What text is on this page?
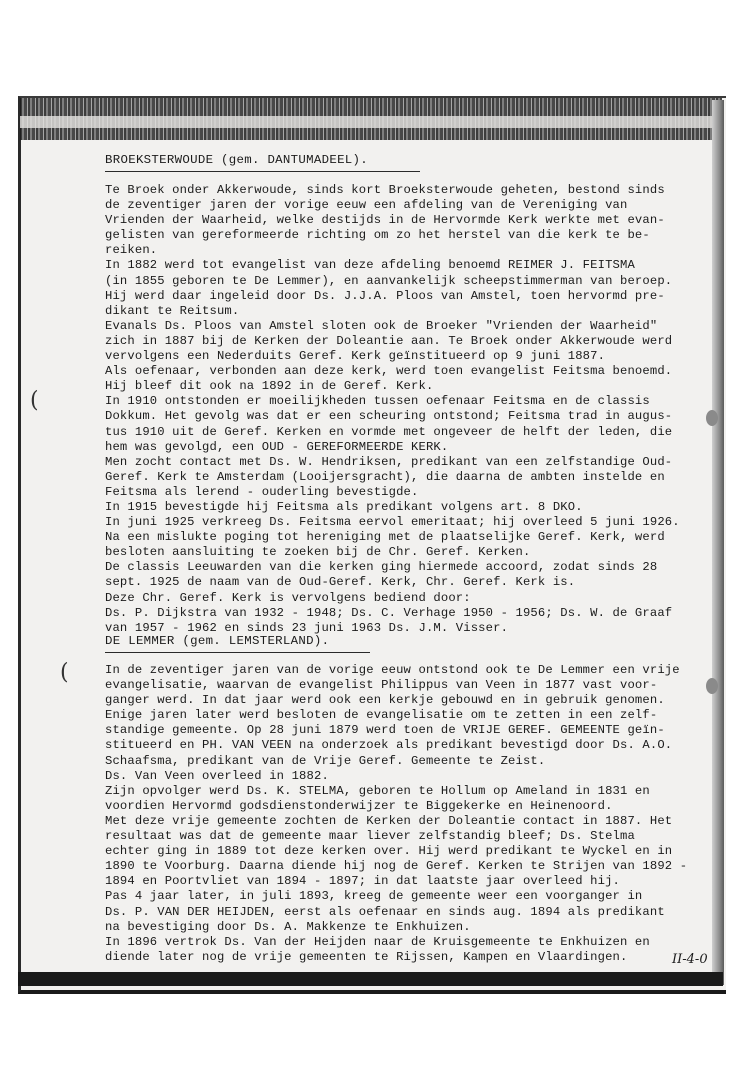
(
(
BROEKSTERWOUDE (gem. DANTUMADEEL).

Te Broek onder Akkerwoude, sinds kort Broeksterwoude geheten, bestond sinds

de zeventiger jaren der vorige eeuw een afdeling van de Vereniging van

Vrienden der Waarheid, welke destijds in de Hervormde Kerk werkte met evan-

gelisten van gereformeerde richting om zo het herstel van die kerk te be-

reiken.

In 1882 werd tot evangelist van deze afdeling benoemd REIMER J. FEITSMA

(in 1855 geboren te De Lemmer), en aanvankelijk scheepstimmerman van beroep.

Hij werd daar ingeleid door Ds. J.J.A. Ploos van Amstel, toen hervormd pre-

dikant te Reitsum.

Evanals Ds. Ploos van Amstel sloten ook de Broeker "Vrienden der Waarheid"

zich in 1887 bij de Kerken der Doleantie aan. Te Broek onder Akkerwoude werd

vervolgens een Nederduits Geref. Kerk geïnstitueerd op 9 juni 1887.

Als oefenaar, verbonden aan deze kerk, werd toen evangelist Feitsma benoemd.

Hij bleef dit ook na 1892 in de Geref. Kerk.

In 1910 ontstonden er moeilijkheden tussen oefenaar Feitsma en de classis

Dokkum. Het gevolg was dat er een scheuring ontstond; Feitsma trad in augus-

tus 1910 uit de Geref. Kerken en vormde met ongeveer de helft der leden, die

hem was gevolgd, een OUD - GEREFORMEERDE KERK.

Men zocht contact met Ds. W. Hendriksen, predikant van een zelfstandige Oud-

Geref. Kerk te Amsterdam (Looijersgracht), die daarna de ambten instelde en

Feitsma als lerend - ouderling bevestigde.

In 1915 bevestigde hij Feitsma als predikant volgens art. 8 DKO.

In juni 1925 verkreeg Ds. Feitsma eervol emeritaat; hij overleed 5 juni 1926.

Na een mislukte poging tot hereniging met de plaatselijke Geref. Kerk, werd

besloten aansluiting te zoeken bij de Chr. Geref. Kerken.

De classis Leeuwarden van die kerken ging hiermede accoord, zodat sinds 28

sept. 1925 de naam van de Oud-Geref. Kerk, Chr. Geref. Kerk is.

Deze Chr. Geref. Kerk is vervolgens bediend door:

Ds. P. Dijkstra van 1932 - 1948; Ds. C. Verhage 1950 - 1956; Ds. W. de Graaf

van 1957 - 1962 en sinds 23 juni 1963 Ds. J.M. Visser.

DE LEMMER (gem. LEMSTERLAND).

In de zeventiger jaren van de vorige eeuw ontstond ook te De Lemmer een vrije

evangelisatie, waarvan de evangelist Philippus van Veen in 1877 vast voor-

ganger werd. In dat jaar werd ook een kerkje gebouwd en in gebruik genomen.

Enige jaren later werd besloten de evangelisatie om te zetten in een zelf-

standige gemeente. Op 28 juni 1879 werd toen de VRIJE GEREF. GEMEENTE geïn-

stitueerd en PH. VAN VEEN na onderzoek als predikant bevestigd door Ds. A.O.

Schaafsma, predikant van de Vrije Geref. Gemeente te Zeist.

Ds. Van Veen overleed in 1882.

Zijn opvolger werd Ds. K. STELMA, geboren te Hollum op Ameland in 1831 en

voordien Hervormd godsdienstonderwijzer te Biggekerke en Heinenoord.

Met deze vrije gemeente zochten de Kerken der Doleantie contact in 1887. Het

resultaat was dat de gemeente maar liever zelfstandig bleef; Ds. Stelma

echter ging in 1889 tot deze kerken over. Hij werd predikant te Wyckel en in

1890 te Voorburg. Daarna diende hij nog de Geref. Kerken te Strijen van 1892 -

1894 en Poortvliet van 1894 - 1897; in dat laatste jaar overleed hij.

Pas 4 jaar later, in juli 1893, kreeg de gemeente weer een voorganger in

Ds. P. VAN DER HEIJDEN, eerst als oefenaar en sinds aug. 1894 als predikant

na bevestiging door Ds. A. Makkenze te Enkhuizen.

In 1896 vertrok Ds. Van der Heijden naar de Kruisgemeente te Enkhuizen en

diende later nog de vrije gemeenten te Rijssen, Kampen en Vlaardingen.	II-4-0
